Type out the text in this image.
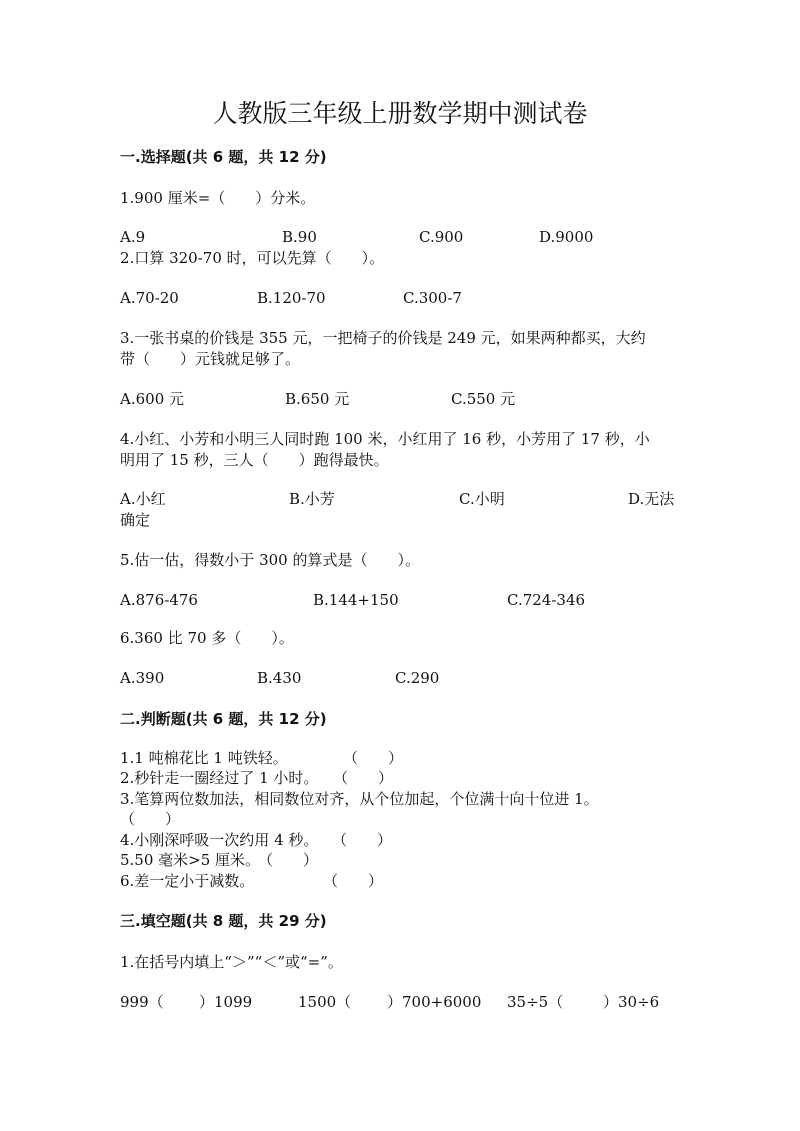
人教版三年级上册数学期中测试卷
一.选择题(共 6 题，共 12 分)
1.900 厘米=（　　）分米。
A.9	B.90	C.900	D.9000
2.口算 320-70 时，可以先算（　　）。
A.70-20	B.120-70	C.300-7
3.一张书桌的价钱是 355 元，一把椅子的价钱是 249 元，如果两种都买，大约
带（　　）元钱就足够了。
A.600 元	B.650 元	C.550 元
4.小红、小芳和小明三人同时跑 100 米，小红用了 16 秒，小芳用了 17 秒，小
明用了 15 秒，三人（　　）跑得最快。
A.小红	B.小芳	C.小明	D.无法
确定
5.估一估，得数小于 300 的算式是（　　）。
A.876-476	B.144+150	C.724-346
6.360 比 70 多（　　）。
A.390	B.430	C.290
二.判断题(共 6 题，共 12 分)
1.1 吨棉花比 1 吨铁轻。	（　　）
2.秒针走一圈经过了 1 小时。 （　　）
3.笔算两位数加法，相同数位对齐，从个位加起，个位满十向十位进 1。
（　　）
4.小刚深呼吸一次约用 4 秒。 （　　）
5.50 毫米>5 厘米。
（　　）
6.差一定小于减数。	（　　）
三.填空题(共 8 题，共 29 分)
1.在括号内填上“＞”“＜”或“=”。
999（ ）1099	1500（ ）700+6000 35÷5（	）30÷6
